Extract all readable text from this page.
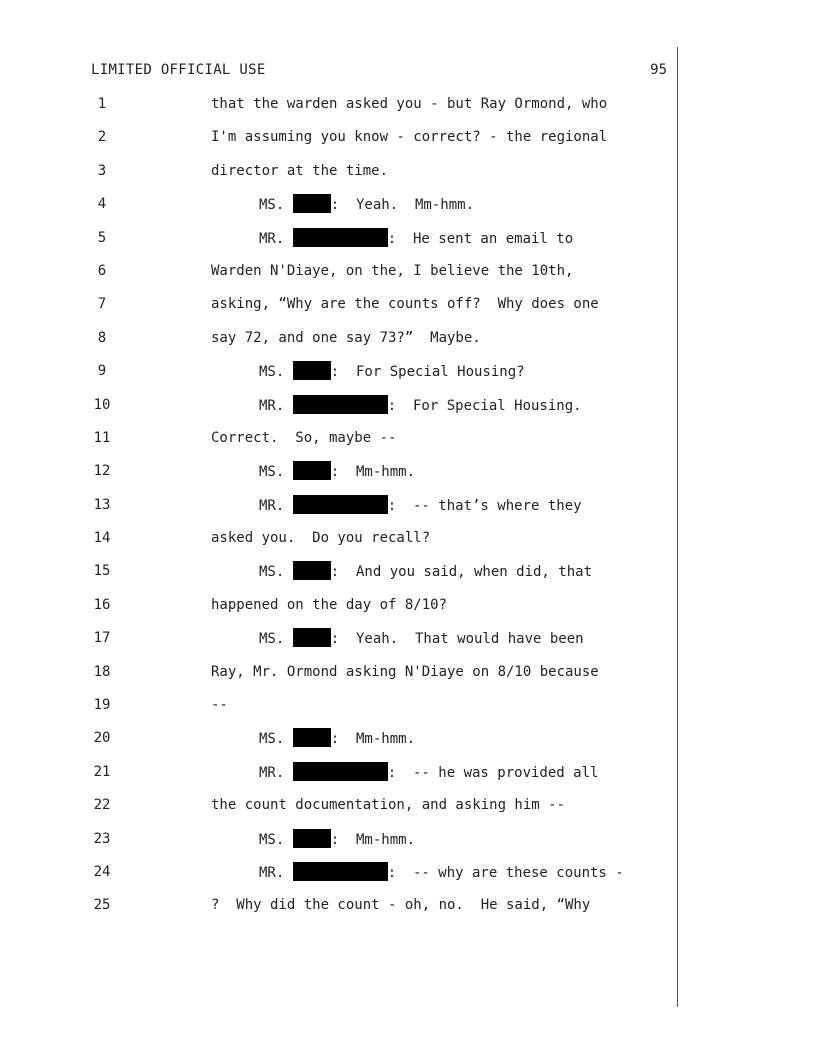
LIMITED OFFICIAL USE	95
1	that the warden asked you - but Ray Ormond, who
2	I'm assuming you know - correct? - the regional
3	director at the time.
4	MS.	:  Yeah.  Mm-hmm.
5	MR.	:  He sent an email to
6	Warden N'Diaye, on the, I believe the 10th,
7	asking, “Why are the counts off?  Why does one
8	say 72, and one say 73?”  Maybe.
9	MS.	:  For Special Housing?
10	MR.	:  For Special Housing.
11	Correct.  So, maybe --
12	MS.	:  Mm-hmm.
13	MR.	:  -- that’s where they
14	asked you.  Do you recall?
15	MS.	:  And you said, when did, that
16	happened on the day of 8/10?
17	MS.	:  Yeah.  That would have been
18	Ray, Mr. Ormond asking N'Diaye on 8/10 because
19	--
20	MS.	:  Mm-hmm.
21	MR.	:  -- he was provided all
22	the count documentation, and asking him --
23	MS.	:  Mm-hmm.
24	MR.	:  -- why are these counts -
25	?  Why did the count - oh, no.  He said, “Why
